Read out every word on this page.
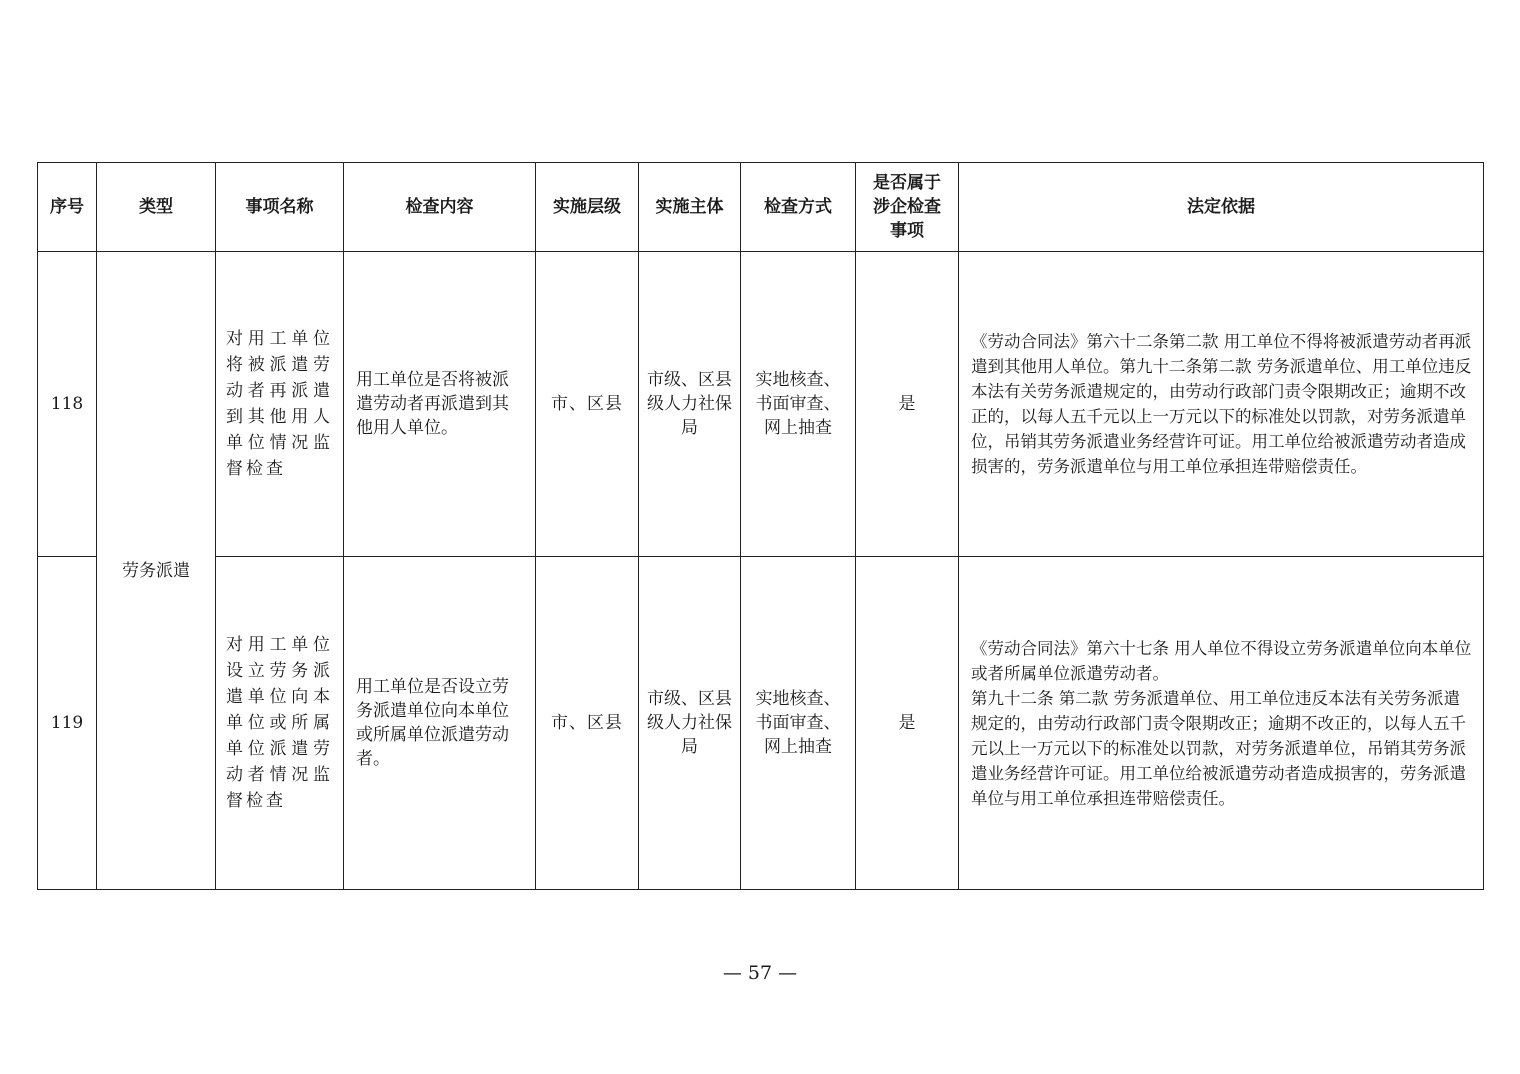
序号	类型	事项名称	检查内容	实施层级	实施主体	检查方式	是否属于涉企检查事项	法定依据
118	劳务派遣	对用工单位将被派遣劳动者再派遣到其他用人单位情况监督检查	用工单位是否将被派遣劳动者再派遣到其他用人单位。	市、区县	市级、区县级人力社保局	实地核查、书面审查、网上抽查	是	《劳动合同法》第六十二条第二款 用工单位不得将被派遣劳动者再派遣到其他用人单位。第九十二条第二款 劳务派遣单位、用工单位违反本法有关劳务派遣规定的，由劳动行政部门责令限期改正；逾期不改正的，以每人五千元以上一万元以下的标准处以罚款，对劳务派遣单位，吊销其劳务派遣业务经营许可证。用工单位给被派遣劳动者造成损害的，劳务派遣单位与用工单位承担连带赔偿责任。

119		对用工单位设立劳务派遣单位向本单位或所属单位派遣劳动者情况监督检查	用工单位是否设立劳务派遣单位向本单位或所属单位派遣劳动者。	市、区县	市级、区县级人力社保局	实地核查、书面审查、网上抽查	是	《劳动合同法》第六十七条 用人单位不得设立劳务派遣单位向本单位或者所属单位派遣劳动者。
第九十二条 第二款 劳务派遣单位、用工单位违反本法有关劳务派遣规定的，由劳动行政部门责令限期改正；逾期不改正的，以每人五千元以上一万元以下的标准处以罚款，对劳务派遣单位，吊销其劳务派遣业务经营许可证。用工单位给被派遣劳动者造成损害的，劳务派遣单位与用工单位承担连带赔偿责任。
— 57 —
